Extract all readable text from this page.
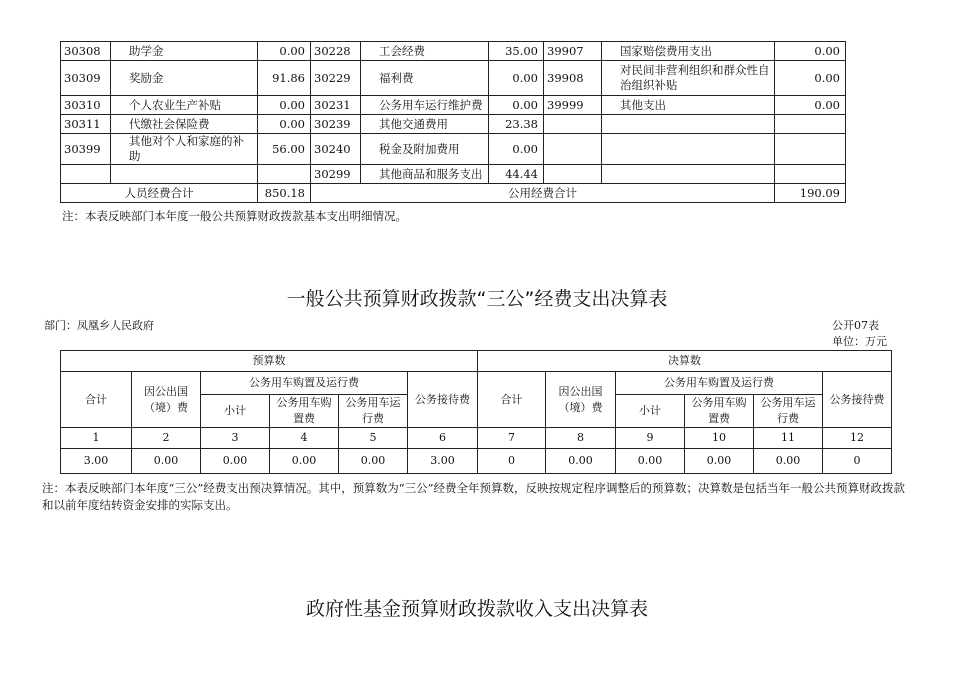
30308	助学金	0.00	30228	工会经费	35.00	39907	国家赔偿费用支出	0.00
30309	奖励金	91.86	30229	福利费	0.00	39908	对民间非营利组织和群众性自治组织补贴	0.00
30310	个人农业生产补贴	0.00	30231	公务用车运行维护费	0.00	39999	其他支出	0.00
30311	代缴社会保险费	0.00	30239	其他交通费用	23.38			
30399	其他对个人和家庭的补助	56.00	30240	税金及附加费用	0.00			
			30299	其他商品和服务支出	44.44			
人员经费合计		850.18	公用经费合计					190.09
注：本表反映部门本年度一般公共预算财政拨款基本支出明细情况。
一般公共预算财政拨款“三公”经费支出决算表
部门：凤凰乡人民政府	公开07表
单位：万元
预算数						决算数					
合计	因公出国（境）费	公务用车购置及运行费			公务接待费	合计	因公出国（境）费	公务用车购置及运行费			公务接待费
		小计	公务用车购置费	公务用车运行费				小计	公务用车购置费	公务用车运行费	
1	2	3	4	5	6	7	8	9	10	11	12
3.00	0.00	0.00	0.00	0.00	3.00	0	0.00	0.00	0.00	0.00	0
注：本表反映部门本年度“三公”经费支出预决算情况。其中，预算数为“三公”经费全年预算数，反映按规定程序调整后的预算数；决算数是包括当年一般公共预算财政拨款和以前年度结转资金安排的实际支出。
政府性基金预算财政拨款收入支出决算表
